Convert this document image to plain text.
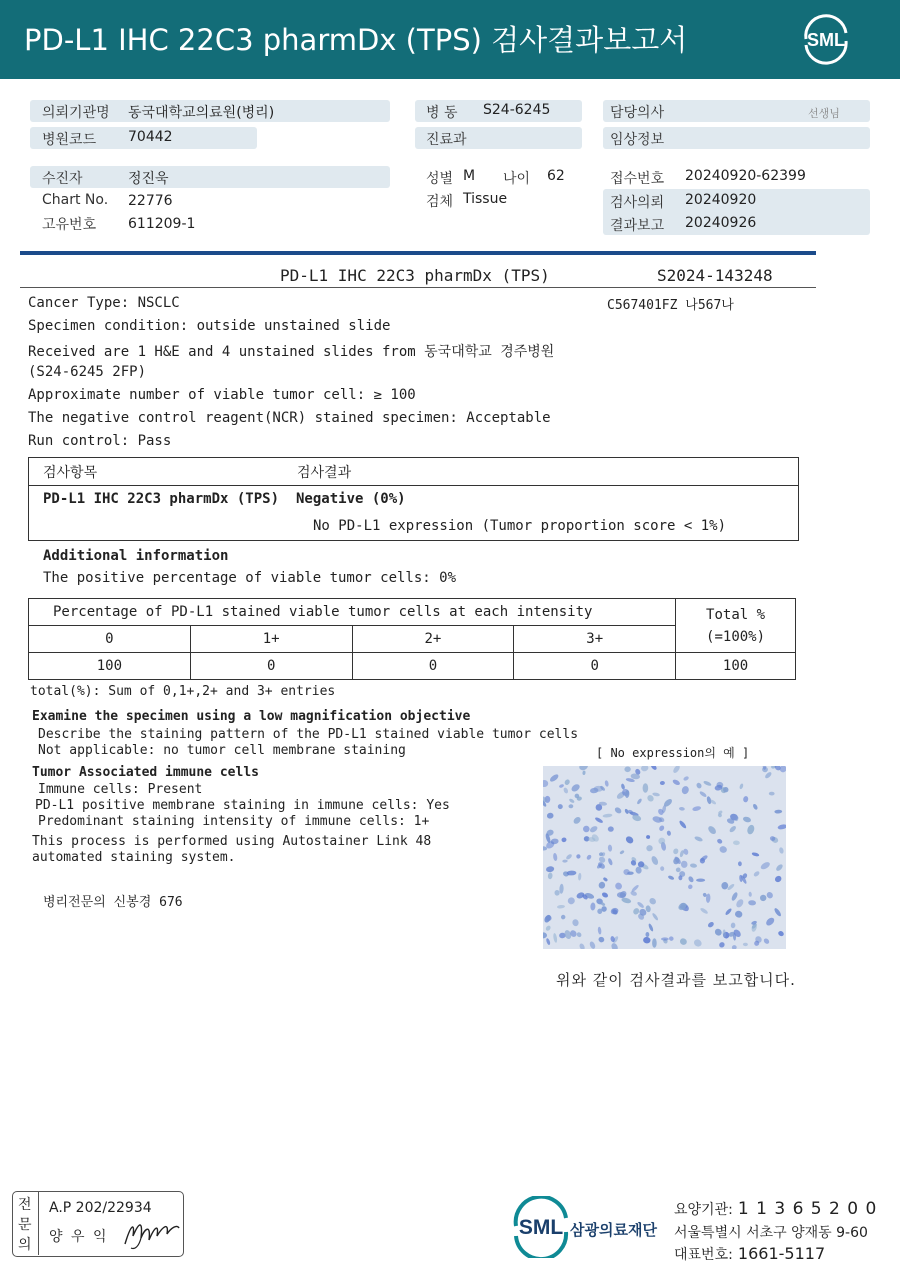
PD-L1 IHC 22C3 pharmDx (TPS) 검사결과보고서	SML
의뢰기관명 동국대학교의료원(병리)
병원코드 70442
병 동 S24-6245
진료과
담당의사	선생님
임상정보
수진자	정진욱
Chart No. 22776
고유번호 611209-1
성별 M 나이 62
검체 Tissue
접수번호 20240920-62399
검사의뢰 20240920
결과보고 20240926
PD-L1 IHC 22C3 pharmDx (TPS)	S2024-143248
C567401FZ 나567나
Cancer Type: NSCLC
Specimen condition: outside unstained slide
Received are 1 H&E and 4 unstained slides from 동국대학교 경주병원
(S24-6245 2FP)
Approximate number of viable tumor cell: ≥ 100
The negative control reagent(NCR) stained specimen: Acceptable
Run control: Pass
검사항목	검사결과
PD-L1 IHC 22C3 pharmDx (TPS) Negative (0%)
No PD-L1 expression (Tumor proportion score < 1%)
Additional information
The positive percentage of viable tumor cells: 0%
Percentage of PD-L1 stained viable tumor cells at each intensity				Total %
(=100%)

0	1+	2+	3+	
100	0	0	0	100
total(%): Sum of 0,1+,2+ and 3+ entries
Examine the specimen using a low magnification objective
Describe the staining pattern of the PD-L1 stained viable tumor cells
Not applicable: no tumor cell membrane staining	[ No expression의 예 ]
Tumor Associated immune cells
Immune cells: Present
PD-L1 positive membrane staining in immune cells: Yes
Predominant staining intensity of immune cells: 1+
This process is performed using Autostainer Link 48
automated staining system.
병리전문의 신봉경 676
위와 같이 검사결과를 보고합니다.
전
문
의
A.P 202/22934
양 우 익	SML 삼광의료재단
요양기관: 1 1 3 6 5 2 0 0
서울특별시 서초구 양재동 9-60
대표번호: 1661-5117
